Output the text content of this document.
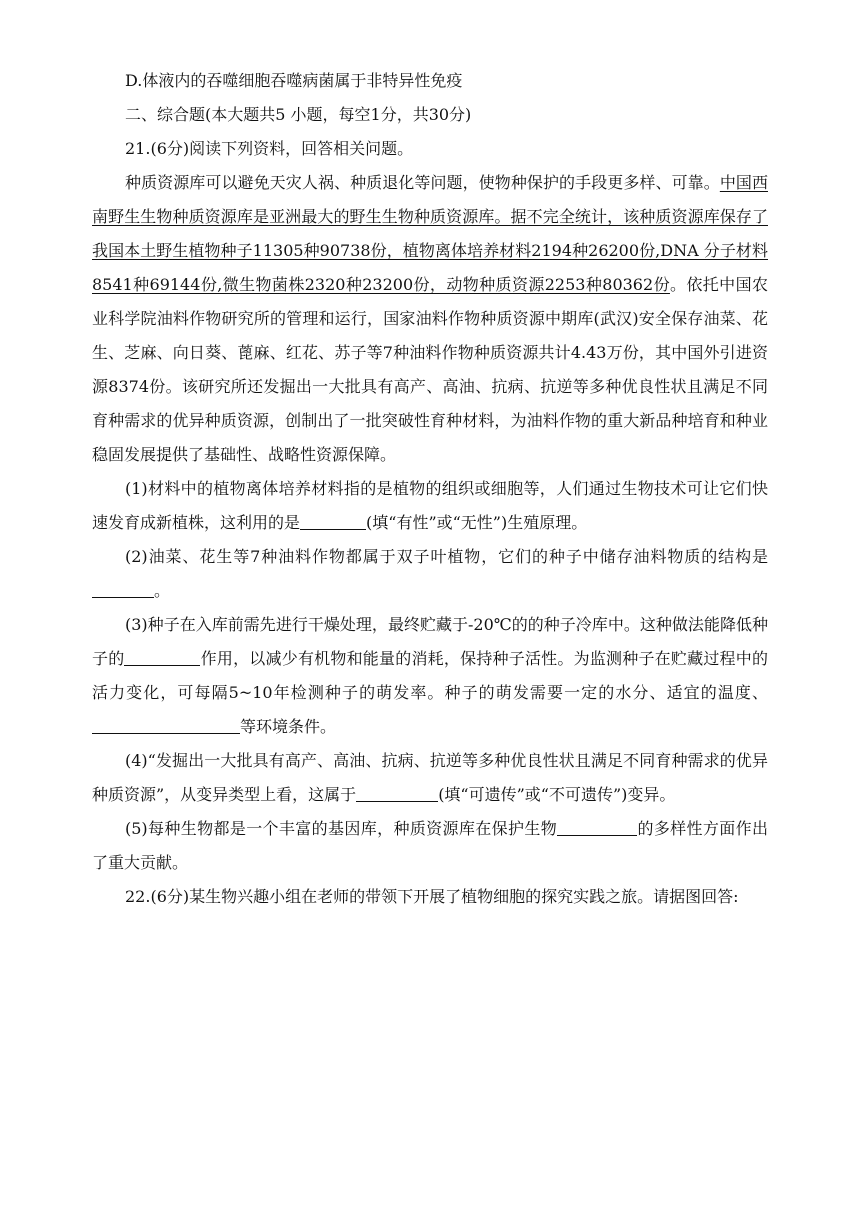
D.体液内的吞噬细胞吞噬病菌属于非特异性免疫

二、综合题(本大题共5 小题，每空1分，共30分)

21.(6分)阅读下列资料，回答相关问题。

种质资源库可以避免天灾人祸、种质退化等问题，使物种保护的手段更多样、可靠。中国西南野生生物种质资源库是亚洲最大的野生生物种质资源库。据不完全统计，该种质资源库保存了我国本土野生植物种子11305种90738份，植物离体培养材料2194种26200份,DNA 分子材料8541种69144份,微生物菌株2320种23200份，动物种质资源2253种80362份。依托中国农业科学院油料作物研究所的管理和运行，国家油料作物种质资源中期库(武汉)安全保存油菜、花生、芝麻、向日葵、蓖麻、红花、苏子等7种油料作物种质资源共计4.43万份，其中国外引进资源8374份。该研究所还发掘出一大批具有高产、高油、抗病、抗逆等多种优良性状且满足不同育种需求的优异种质资源，创制出了一批突破性育种材料，为油料作物的重大新品种培育和种业稳固发展提供了基础性、战略性资源保障。

(1)材料中的植物离体培养材料指的是植物的组织或细胞等，人们通过生物技术可让它们快速发育成新植株，这利用的是	(填“有性”或“无性”)生殖原理。

(2)油菜、花生等7种油料作物都属于双子叶植物，它们的种子中储存油料物质的结构是。

(3)种子在入库前需先进行干燥处理，最终贮藏于-20℃的的种子冷库中。这种做法能降低种子的	作用，以减少有机物和能量的消耗，保持种子活性。为监测种子在贮藏过程中的活力变化，可每隔5~10年检测种子的萌发率。种子的萌发需要一定的水分、适宜的温度、等环境条件。

(4)“发掘出一大批具有高产、高油、抗病、抗逆等多种优良性状且满足不同育种需求的优异种质资源”，从变异类型上看，这属于	(填“可遗传”或“不可遗传”)变异。

(5)每种生物都是一个丰富的基因库，种质资源库在保护生物	的多样性方面作出了重大贡献。

22.(6分)某生物兴趣小组在老师的带领下开展了植物细胞的探究实践之旅。请据图回答:
